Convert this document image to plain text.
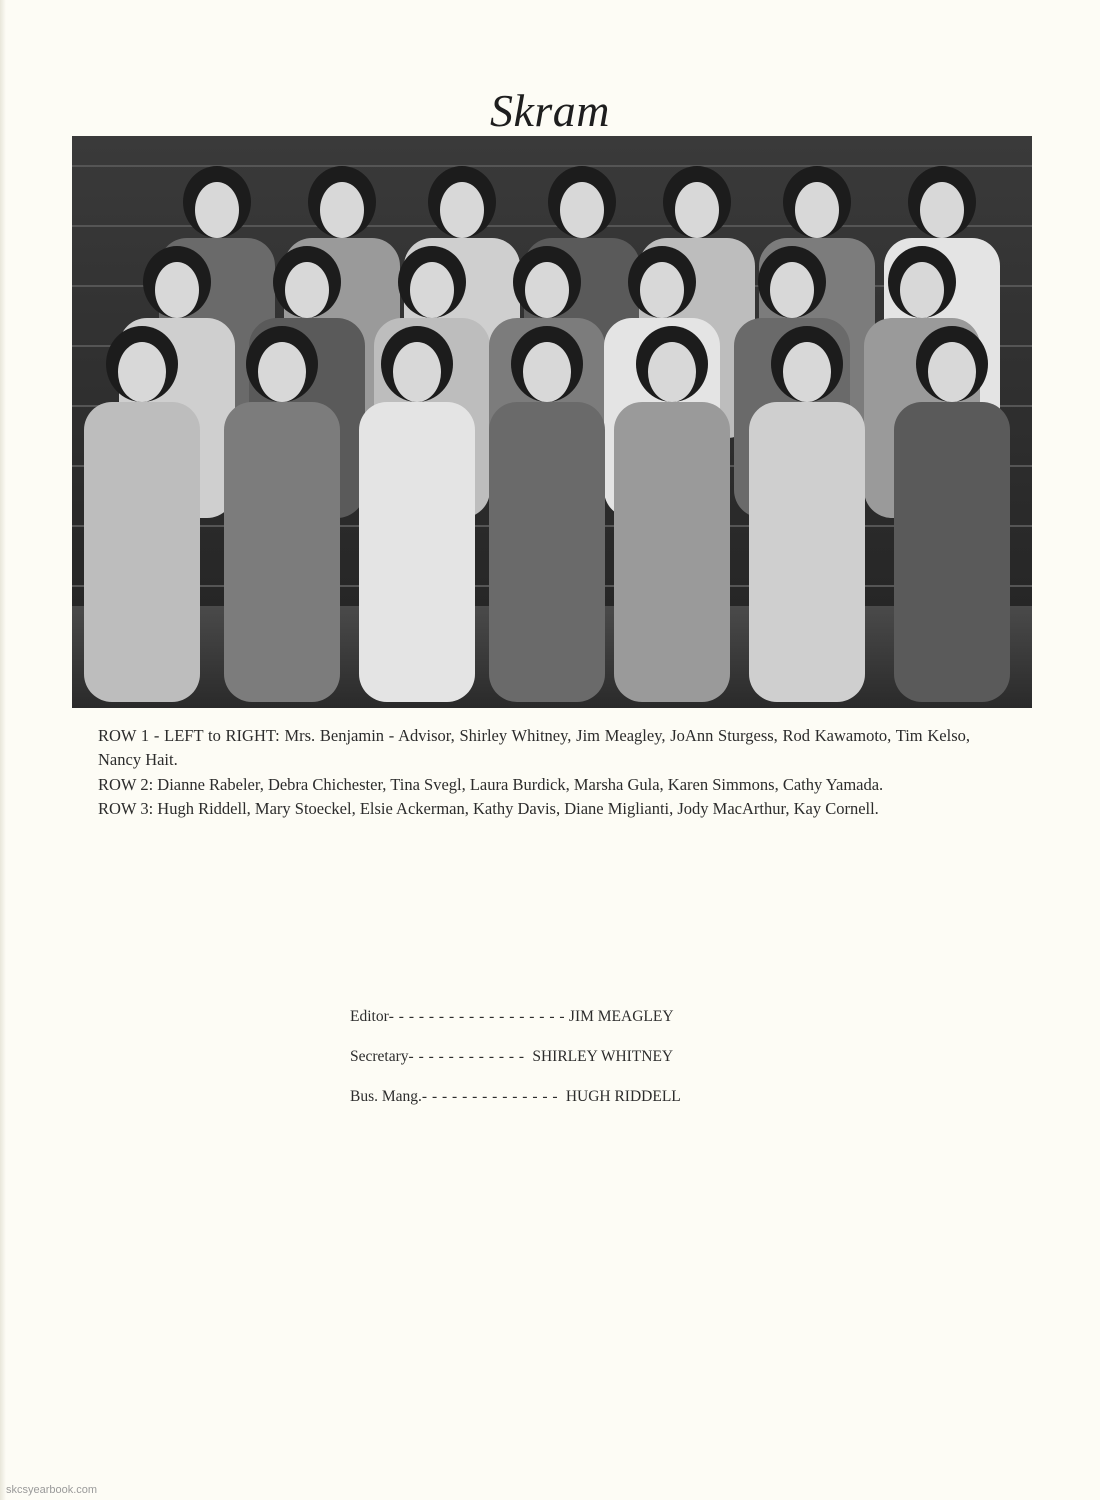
Skram

ROW 1 - LEFT to RIGHT: Mrs. Benjamin - Advisor, Shirley Whitney, Jim Meagley, JoAnn Sturgess, Rod Kawamoto, Tim Kelso, Nancy Hait.

ROW 2: Dianne Rabeler, Debra Chichester, Tina Svegl, Laura Burdick, Marsha Gula, Karen Simmons, Cathy Yamada.

ROW 3: Hugh Riddell, Mary Stoeckel, Elsie Ackerman, Kathy Davis, Diane Miglianti, Jody MacArthur, Kay Cornell.

Editor - - - - - - - - - - - - - - - - - -
JIM MEAGLEY
Secretary - - - - - - - - - - - -
SHIRLEY WHITNEY
Bus. Mang. - - - - - - - - - - - - - -
HUGH RIDDELL
skcsyearbook.com
